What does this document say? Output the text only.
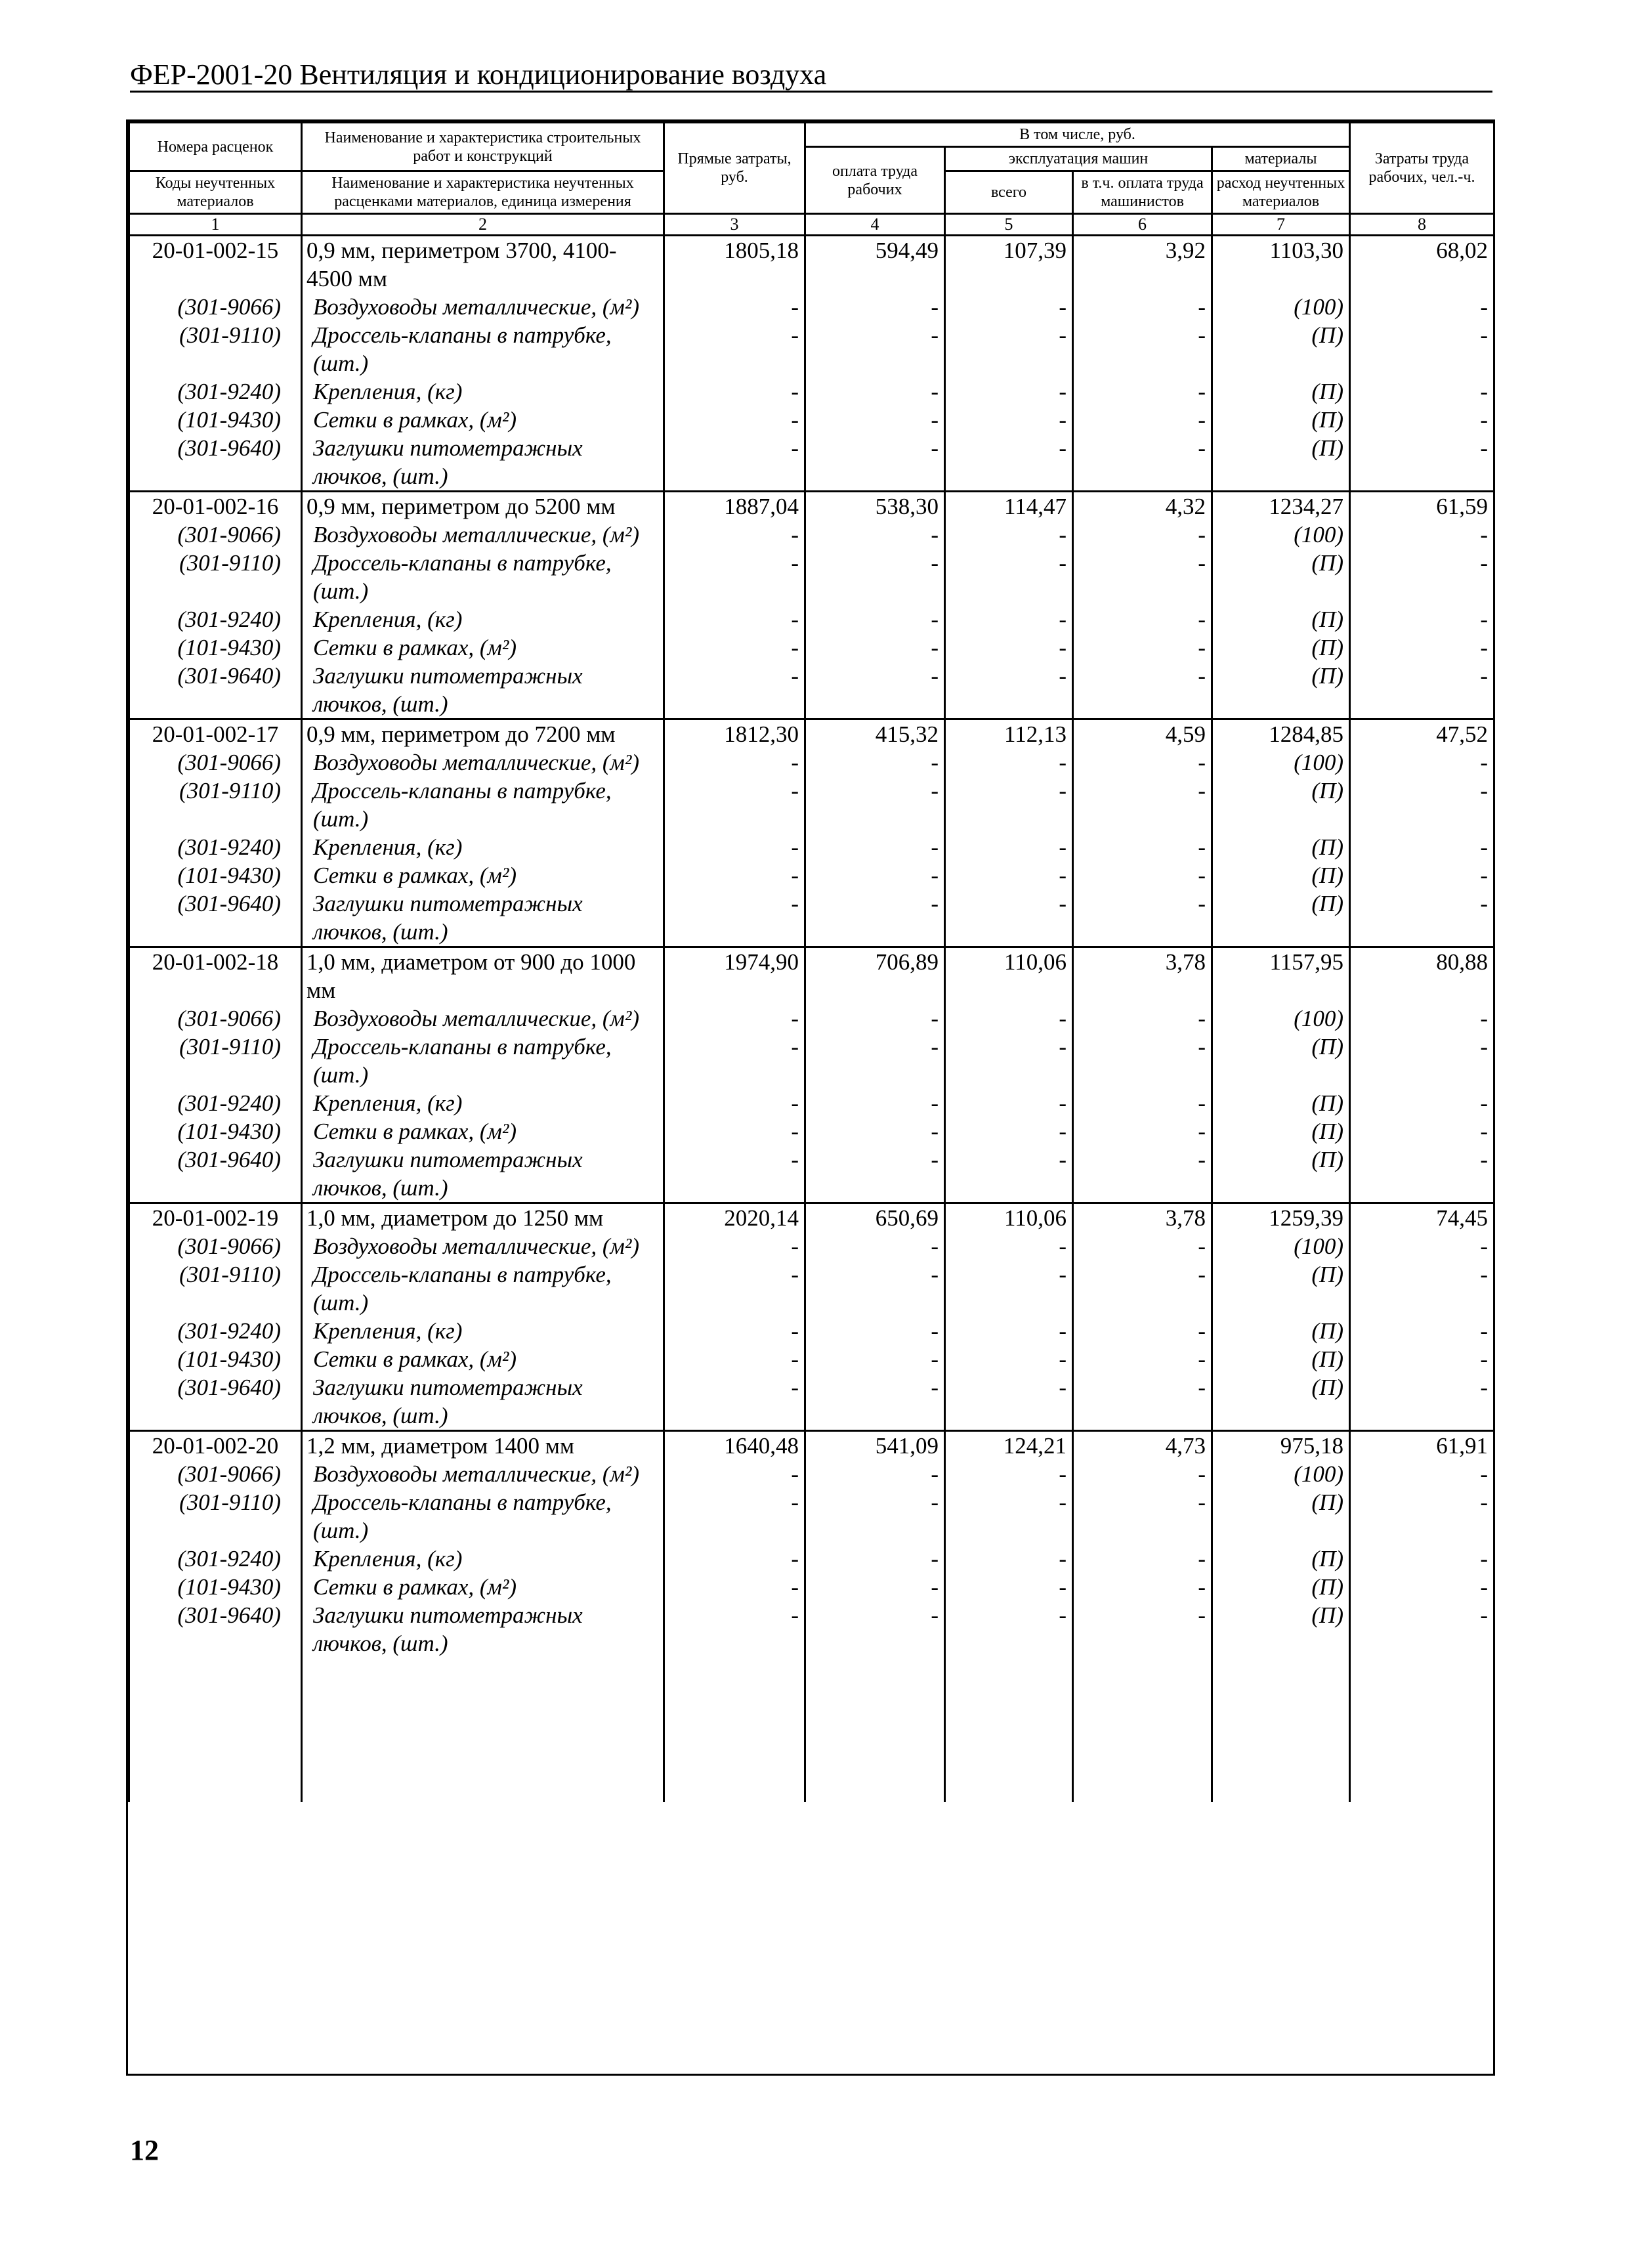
ФЕР-2001-20 Вентиляция и кондиционирование воздуха
Номера расценок	Наименование и характеристика строительных работ и конструкций	Прямые затраты, руб.	В том числе, руб.				Затраты труда рабочих, чел.-ч.
			оплата труда рабочих	эксплуатация машин		материалы	
Коды неучтенных материалов	Наименование и характеристика неучтенных расценками материалов, единица измерения			всего	в т.ч. оплата труда машинистов	расход неучтенных материалов	

1	2	3	4	5	6	7	8
20-01-002-15	0,9 мм, периметром 3700, 4100-4500 мм	1805,18	594,49	107,39	3,92	1103,30	68,02
(301-9066)	Воздуховоды металлические, (м²)	-	-	-	-	(100)	-
(301-9110)	Дроссель-клапаны в патрубке, (шт.)	-	-	-	-	(П)	-
(301-9240)	Крепления, (кг)	-	-	-	-	(П)	-
(101-9430)	Сетки в рамках, (м²)	-	-	-	-	(П)	-
(301-9640)	Заглушки питометражных лючков, (шт.)	-	-	-	-	(П)	-
20-01-002-16	0,9 мм, периметром до 5200 мм	1887,04	538,30	114,47	4,32	1234,27	61,59
(301-9066)	Воздуховоды металлические, (м²)	-	-	-	-	(100)	-
(301-9110)	Дроссель-клапаны в патрубке, (шт.)	-	-	-	-	(П)	-
(301-9240)	Крепления, (кг)	-	-	-	-	(П)	-
(101-9430)	Сетки в рамках, (м²)	-	-	-	-	(П)	-
(301-9640)	Заглушки питометражных лючков, (шт.)	-	-	-	-	(П)	-
20-01-002-17	0,9 мм, периметром до 7200 мм	1812,30	415,32	112,13	4,59	1284,85	47,52
(301-9066)	Воздуховоды металлические, (м²)	-	-	-	-	(100)	-
(301-9110)	Дроссель-клапаны в патрубке, (шт.)	-	-	-	-	(П)	-
(301-9240)	Крепления, (кг)	-	-	-	-	(П)	-
(101-9430)	Сетки в рамках, (м²)	-	-	-	-	(П)	-
(301-9640)	Заглушки питометражных лючков, (шт.)	-	-	-	-	(П)	-
20-01-002-18	1,0 мм, диаметром от 900 до 1000 мм	1974,90	706,89	110,06	3,78	1157,95	80,88
(301-9066)	Воздуховоды металлические, (м²)	-	-	-	-	(100)	-
(301-9110)	Дроссель-клапаны в патрубке, (шт.)	-	-	-	-	(П)	-
(301-9240)	Крепления, (кг)	-	-	-	-	(П)	-
(101-9430)	Сетки в рамках, (м²)	-	-	-	-	(П)	-
(301-9640)	Заглушки питометражных лючков, (шт.)	-	-	-	-	(П)	-
20-01-002-19	1,0 мм, диаметром до 1250 мм	2020,14	650,69	110,06	3,78	1259,39	74,45
(301-9066)	Воздуховоды металлические, (м²)	-	-	-	-	(100)	-
(301-9110)	Дроссель-клапаны в патрубке, (шт.)	-	-	-	-	(П)	-
(301-9240)	Крепления, (кг)	-	-	-	-	(П)	-
(101-9430)	Сетки в рамках, (м²)	-	-	-	-	(П)	-
(301-9640)	Заглушки питометражных лючков, (шт.)	-	-	-	-	(П)	-
20-01-002-20	1,2 мм, диаметром 1400 мм	1640,48	541,09	124,21	4,73	975,18	61,91
(301-9066)	Воздуховоды металлические, (м²)	-	-	-	-	(100)	-
(301-9110)	Дроссель-клапаны в патрубке, (шт.)	-	-	-	-	(П)	-
(301-9240)	Крепления, (кг)	-	-	-	-	(П)	-
(101-9430)	Сетки в рамках, (м²)	-	-	-	-	(П)	-
(301-9640)	Заглушки питометражных лючков, (шт.)	-	-	-	-	(П)	-

12
